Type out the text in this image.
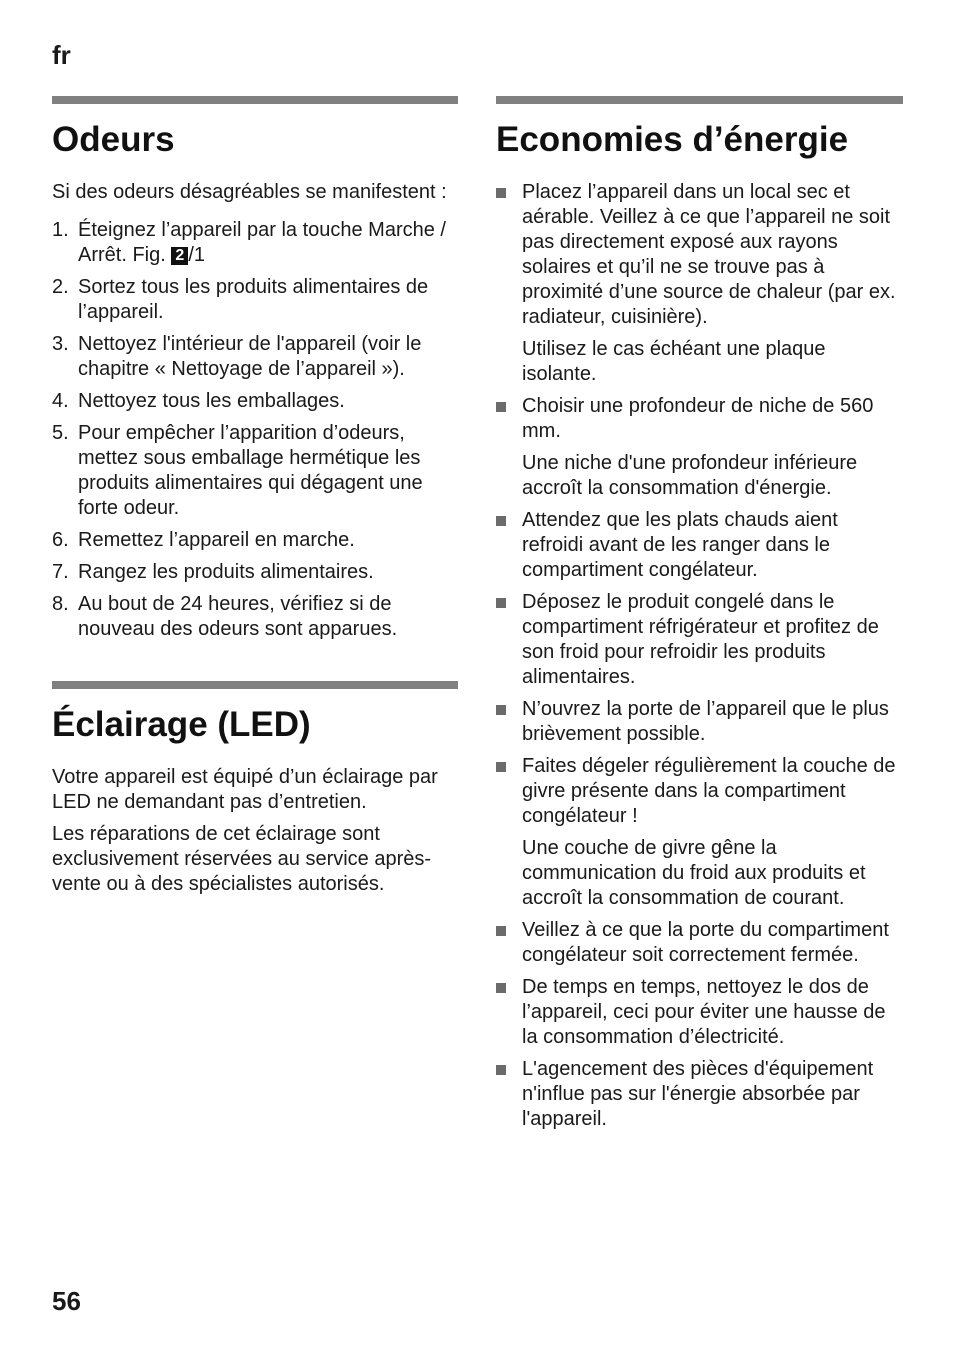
fr
Odeurs

Si des odeurs désagréables se manifestent :

1. Éteignez l’appareil par la touche Marche / Arrêt. Fig. 2 /1
2. Sortez tous les produits alimentaires de l’appareil.
3. Nettoyez l'intérieur de l'appareil (voir le chapitre « Nettoyage de l’appareil »).
4. Nettoyez tous les emballages.
5. Pour empêcher l’apparition d’odeurs, mettez sous emballage hermétique les produits alimentaires qui dégagent une forte odeur.
6. Remettez l’appareil en marche.
7. Rangez les produits alimentaires.
8. Au bout de 24 heures, vérifiez si de nouveau des odeurs sont apparues.
Éclairage (LED)

Votre appareil est équipé d’un éclairage par LED ne demandant pas d’entretien.

Les réparations de cet éclairage sont exclusivement réservées au service après-vente ou à des spécialistes autorisés.

Economies d’énergie
Placez l’appareil dans un local sec et aérable. Veillez à ce que l’appareil ne soit pas directement exposé aux rayons solaires et qu’il ne se trouve pas à proximité d’une source de chaleur (par ex. radiateur, cuisinière).
Utilisez le cas échéant une plaque isolante.
Choisir une profondeur de niche de 560 mm.
Une niche d'une profondeur inférieure accroît la consommation d'énergie.
Attendez que les plats chauds aient refroidi avant de les ranger dans le compartiment congélateur.
Déposez le produit congelé dans le compartiment réfrigérateur et profitez de son froid pour refroidir les produits alimentaires.
N’ouvrez la porte de l’appareil que le plus brièvement possible.
Faites dégeler régulièrement la couche de givre présente dans la compartiment congélateur !
Une couche de givre gêne la communication du froid aux produits et accroît la consommation de courant.
Veillez à ce que la porte du compartiment congélateur soit correctement fermée.
De temps en temps, nettoyez le dos de l’appareil, ceci pour éviter une hausse de la consommation d’électricité.
L'agencement des pièces d'équipement n'influe pas sur l'énergie absorbée par l'appareil.
56
